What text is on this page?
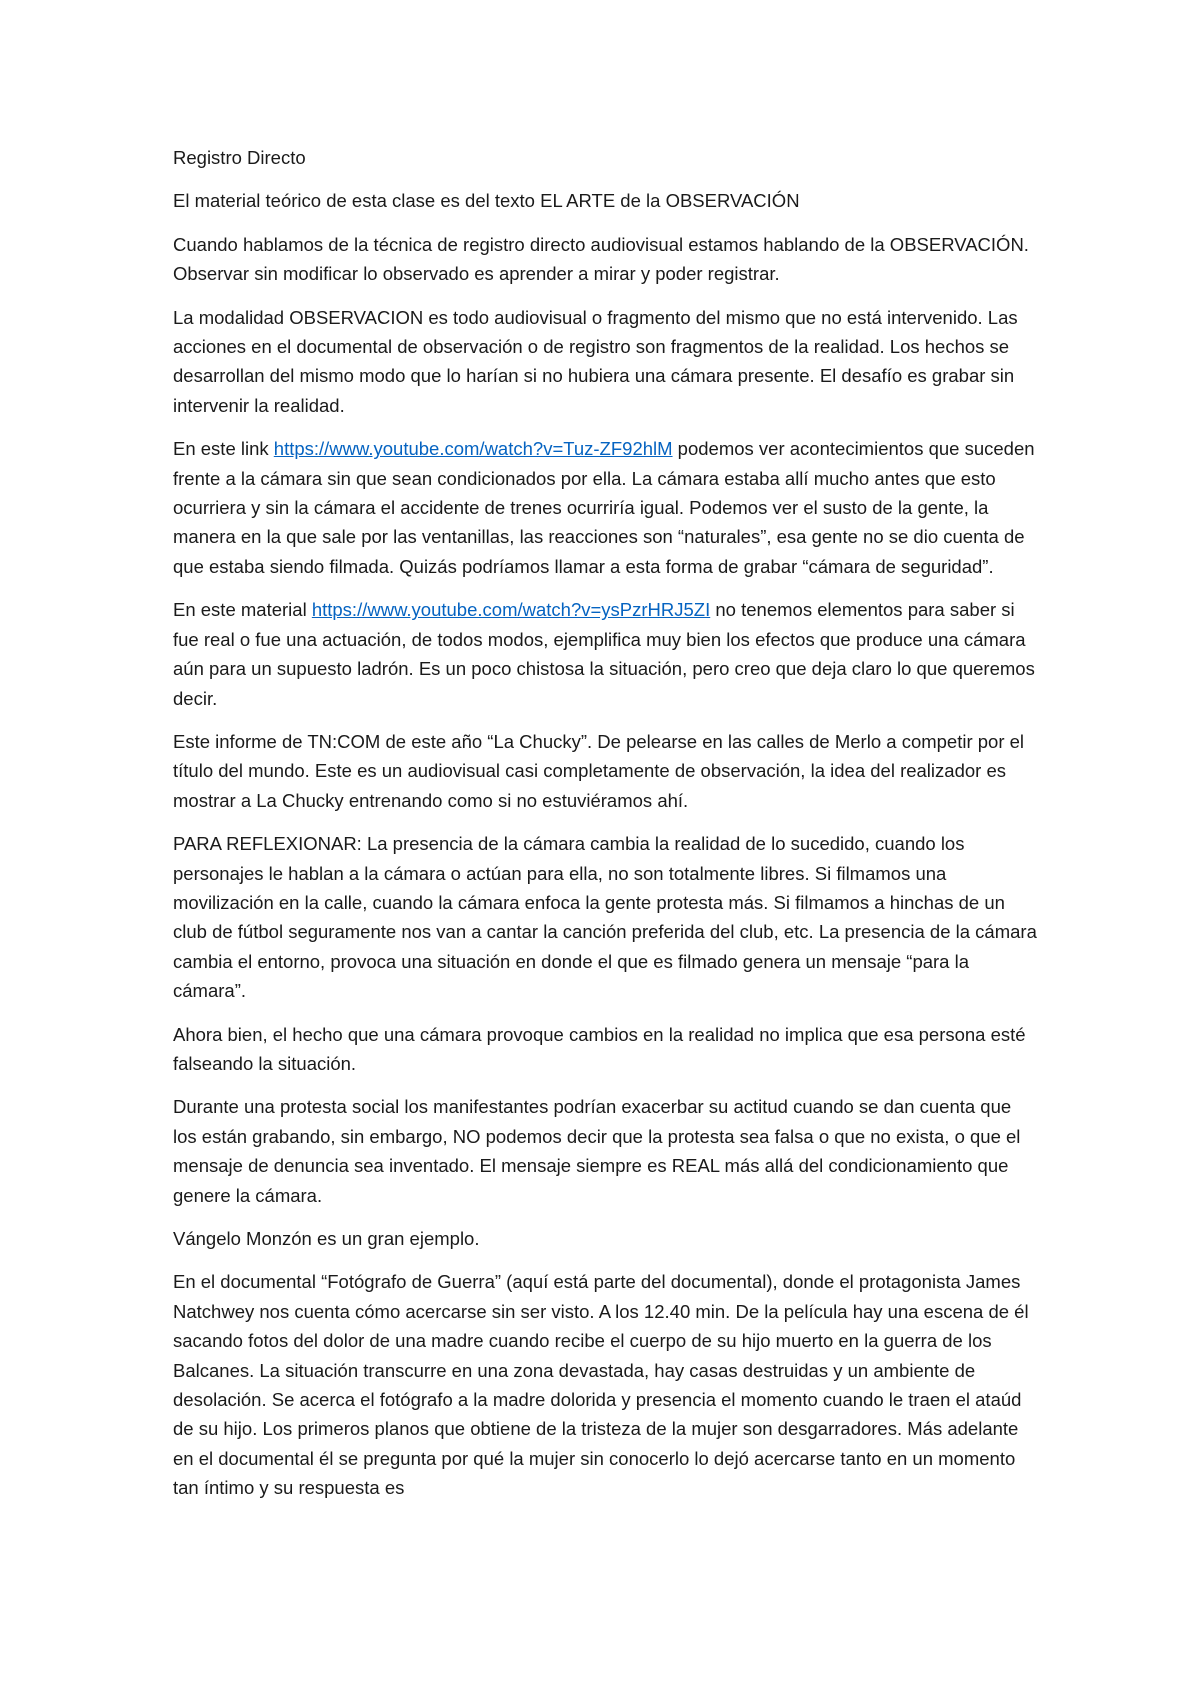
Registro Directo

El material teórico de esta clase es del texto EL ARTE de la OBSERVACIÓN

Cuando hablamos de la técnica de registro directo audiovisual estamos hablando de la OBSERVACIÓN. Observar sin modificar lo observado es aprender a mirar y poder registrar.

La modalidad OBSERVACION es todo audiovisual o fragmento del mismo que no está intervenido. Las acciones en el documental de observación o de registro son fragmentos de la realidad. Los hechos se desarrollan del mismo modo que lo harían si no hubiera una cámara presente. El desafío es grabar sin intervenir la realidad.

En este link https://www.youtube.com/watch?v=Tuz-ZF92hlM podemos ver acontecimientos que suceden frente a la cámara sin que sean condicionados por ella. La cámara estaba allí mucho antes que esto ocurriera y sin la cámara el accidente de trenes ocurriría igual. Podemos ver el susto de la gente, la manera en la que sale por las ventanillas, las reacciones son “naturales”, esa gente no se dio cuenta de que estaba siendo filmada. Quizás podríamos llamar a esta forma de grabar “cámara de seguridad”.

En este material https://www.youtube.com/watch?v=ysPzrHRJ5ZI no tenemos elementos para saber si fue real o fue una actuación, de todos modos, ejemplifica muy bien los efectos que produce una cámara aún para un supuesto ladrón. Es un poco chistosa la situación, pero creo que deja claro lo que queremos decir.

Este informe de TN:COM de este año “La Chucky”. De pelearse en las calles de Merlo a competir por el título del mundo. Este es un audiovisual casi completamente de observación, la idea del realizador es mostrar a La Chucky entrenando como si no estuviéramos ahí.

PARA REFLEXIONAR: La presencia de la cámara cambia la realidad de lo sucedido, cuando los personajes le hablan a la cámara o actúan para ella, no son totalmente libres. Si filmamos una movilización en la calle, cuando la cámara enfoca la gente protesta más. Si filmamos a hinchas de un club de fútbol seguramente nos van a cantar la canción preferida del club, etc. La presencia de la cámara cambia el entorno, provoca una situación en donde el que es filmado genera un mensaje “para la cámara”.

Ahora bien, el hecho que una cámara provoque cambios en la realidad no implica que esa persona esté falseando la situación.

Durante una protesta social los manifestantes podrían exacerbar su actitud cuando se dan cuenta que los están grabando, sin embargo, NO podemos decir que la protesta sea falsa o que no exista, o que el mensaje de denuncia sea inventado. El mensaje siempre es REAL más allá del condicionamiento que genere la cámara.

Vángelo Monzón es un gran ejemplo.

En el documental “Fotógrafo de Guerra” (aquí está parte del documental), donde el protagonista James Natchwey nos cuenta cómo acercarse sin ser visto. A los 12.40 min. De la película hay una escena de él sacando fotos del dolor de una madre cuando recibe el cuerpo de su hijo muerto en la guerra de los Balcanes. La situación transcurre en una zona devastada, hay casas destruidas y un ambiente de desolación. Se acerca el fotógrafo a la madre dolorida y presencia el momento cuando le traen el ataúd de su hijo. Los primeros planos que obtiene de la tristeza de la mujer son desgarradores. Más adelante en el documental él se pregunta por qué la mujer sin conocerlo lo dejó acercarse tanto en un momento tan íntimo y su respuesta es
